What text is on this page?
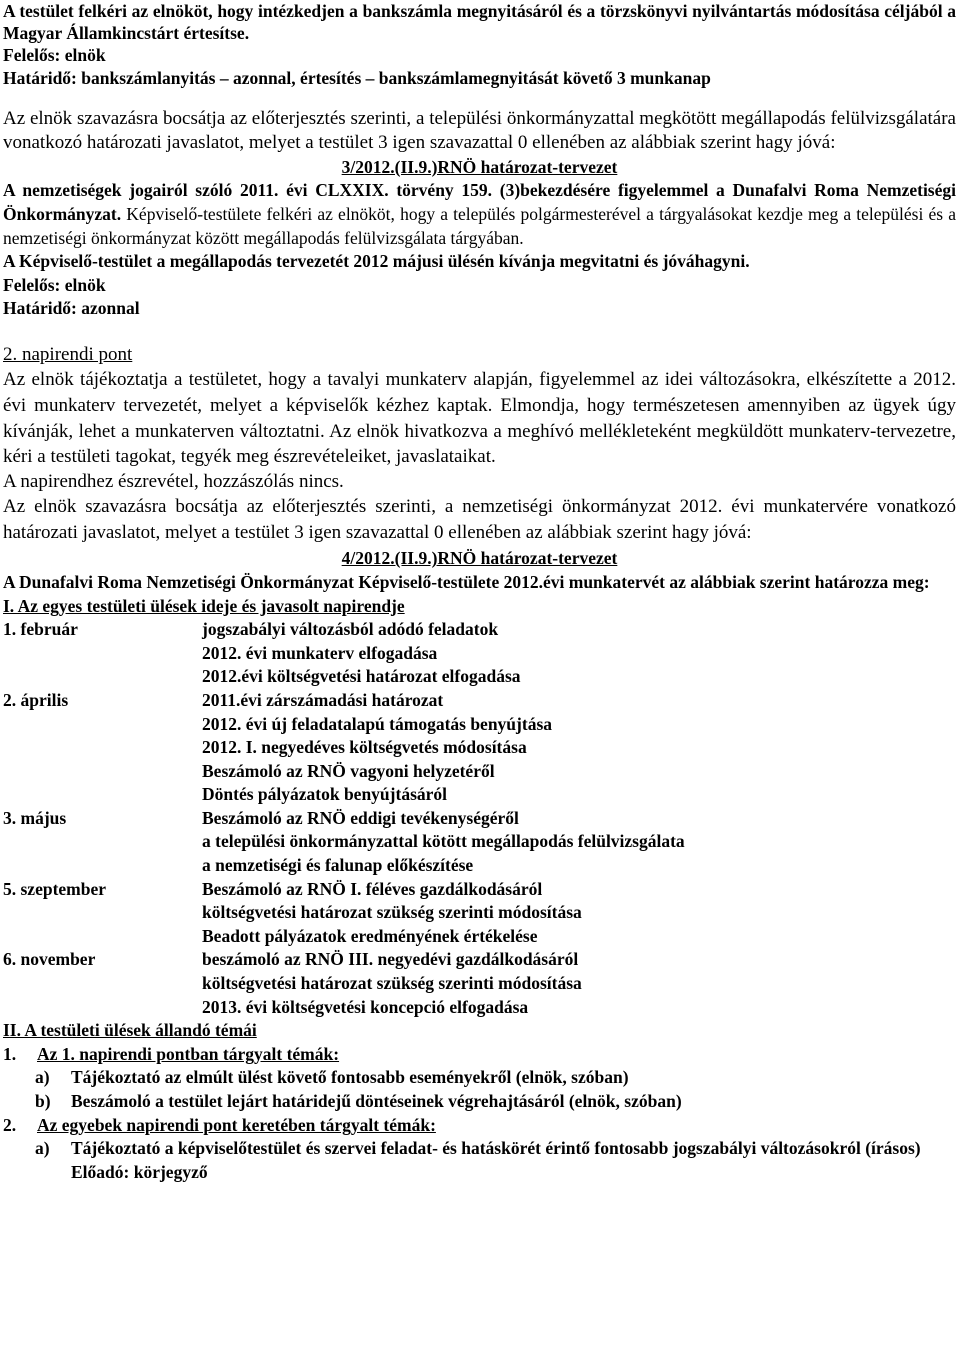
A testület felkéri az elnököt, hogy intézkedjen a bankszámla megnyitásáról és a törzskönyvi nyilvántartás módosítása céljából a Magyar Államkincstárt értesítse.

Felelős: elnök

Határidő: bankszámlanyitás – azonnal, értesítés – bankszámlamegnyitását követő 3 munkanap

Az elnök szavazásra bocsátja az előterjesztés szerinti, a települési önkormányzattal megkötött megállapodás felülvizsgálatára vonatkozó határozati javaslatot, melyet a testület 3 igen szavazattal 0 ellenében az alábbiak szerint hagy jóvá:

3/2012.(II.9.)RNÖ határozat-tervezet

A nemzetiségek jogairól szóló 2011. évi CLXXIX. törvény 159. (3)bekezdésére figyelemmel a Dunafalvi Roma Nemzetiségi Önkormányzat. Képviselő-testülete felkéri az elnököt, hogy a település polgármesterével a tárgyalásokat kezdje meg a települési és a nemzetiségi önkormányzat között megállapodás felülvizsgálata tárgyában.

A Képviselő-testület a megállapodás tervezetét 2012 májusi ülésén kívánja megvitatni és jóváhagyni.

Felelős: elnök

Határidő: azonnal

2. napirendi pont

Az elnök tájékoztatja a testületet, hogy a tavalyi munkaterv alapján, figyelemmel az idei változásokra, elkészítette a 2012. évi munkaterv tervezetét, melyet a képviselők kézhez kaptak. Elmondja, hogy természetesen amennyiben az ügyek úgy kívánják, lehet a munkaterven változtatni. Az elnök hivatkozva a meghívó mellékleteként megküldött munkaterv-tervezetre, kéri a testületi tagokat, tegyék meg észrevételeiket, javaslataikat.

A napirendhez észrevétel, hozzászólás nincs.

Az elnök szavazásra bocsátja az előterjesztés szerinti, a nemzetiségi önkormányzat 2012. évi munkatervére vonatkozó határozati javaslatot, melyet a testület 3 igen szavazattal 0 ellenében az alábbiak szerint hagy jóvá:

4/2012.(II.9.)RNÖ határozat-tervezet

A Dunafalvi Roma Nemzetiségi Önkormányzat Képviselő-testülete 2012.évi munkatervét az alábbiak szerint határozza meg:

I. Az egyes testületi ülések ideje és javasolt napirendje

1. február	jogszabályi változásból adódó feladatok
2012. évi munkaterv elfogadása
2012.évi költségvetési határozat elfogadása
2. április	2011.évi zárszámadási határozat
2012. évi új feladatalapú támogatás benyújtása
2012. I. negyedéves költségvetés módosítása
Beszámoló az RNÖ vagyoni helyzetéről
Döntés pályázatok benyújtásáról
3. május	Beszámoló az RNÖ eddigi tevékenységéről
a települési önkormányzattal kötött megállapodás felülvizsgálata
a nemzetiségi és falunap előkészítése
5. szeptember	Beszámoló az RNÖ I. féléves gazdálkodásáról
költségvetési határozat szükség szerinti módosítása
Beadott pályázatok eredményének értékelése
6. november	beszámoló az RNÖ III. negyedévi gazdálkodásáról
költségvetési határozat szükség szerinti módosítása
2013. évi költségvetési koncepció elfogadása

II. A testületi ülések állandó témái

1.	Az 1. napirendi pontban tárgyalt témák:
a)	Tájékoztató az elmúlt ülést követő fontosabb eseményekről (elnök, szóban)
b)	Beszámoló a testület lejárt határidejű döntéseinek végrehajtásáról (elnök, szóban)
2.	Az egyebek napirendi pont keretében tárgyalt témák:
a)	Tájékoztató a képviselőtestület és szervei feladat- és hatáskörét érintő fontosabb jogszabályi változásokról (írásos)
Előadó: körjegyző
